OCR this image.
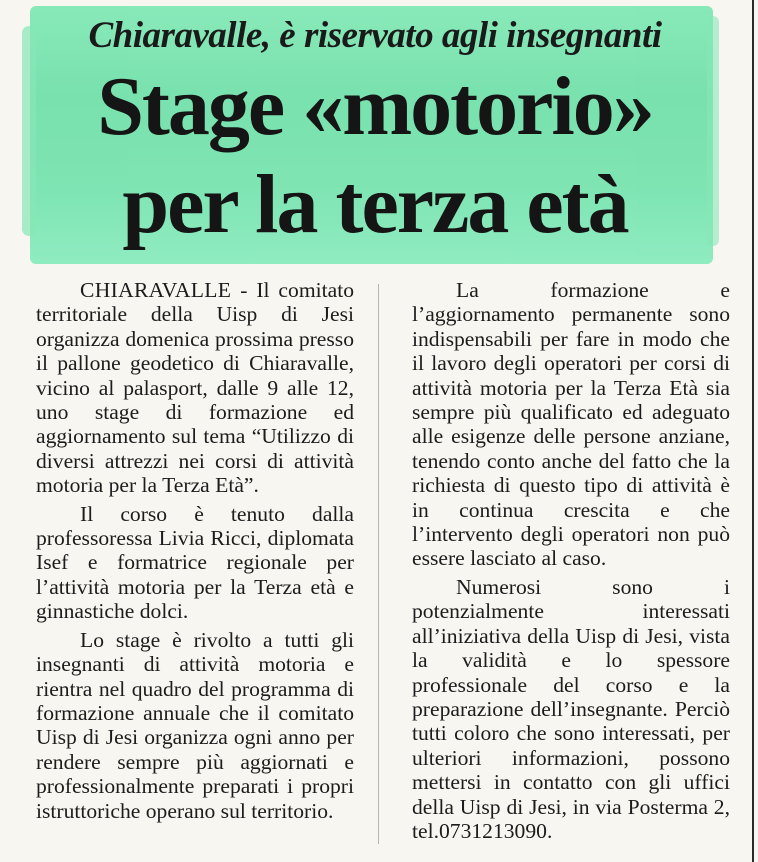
Chiaravalle, è riservato agli insegnanti
Stage «motorio»
per la terza età

CHIARAVALLE - Il comitato territoriale della Uisp di Jesi organizza domenica prossima presso il pallone geodetico di Chiaravalle, vicino al palasport, dalle 9 alle 12, uno stage di formazione ed aggiornamento sul tema “Utilizzo di diversi attrezzi nei corsi di attività motoria per la Terza Età”.

Il corso è tenuto dalla professoressa Livia Ricci, diplomata Isef e formatrice regionale per l’attività motoria per la Terza età e ginnastiche dolci.

Lo stage è rivolto a tutti gli insegnanti di attività motoria e rientra nel quadro del programma di formazione annuale che il comitato Uisp di Jesi organizza ogni anno per rendere sempre più aggiornati e professionalmente preparati i propri istruttoriche operano sul territorio.

La formazione e l’aggiornamento permanente sono indispensabili per fare in modo che il lavoro degli operatori per corsi di attività motoria per la Terza Età sia sempre più qualificato ed adeguato alle esigenze delle persone anziane, tenendo conto anche del fatto che la richiesta di questo tipo di attività è in continua crescita e che l’intervento degli operatori non può essere lasciato al caso.

Numerosi sono i potenzialmente interessati all’iniziativa della Uisp di Jesi, vista la validità e lo spessore professionale del corso e la preparazione dell’insegnante. Perciò tutti coloro che sono interessati, per ulteriori informazioni, possono mettersi in contatto con gli uffici della Uisp di Jesi, in via Posterma 2, tel.0731213090.
